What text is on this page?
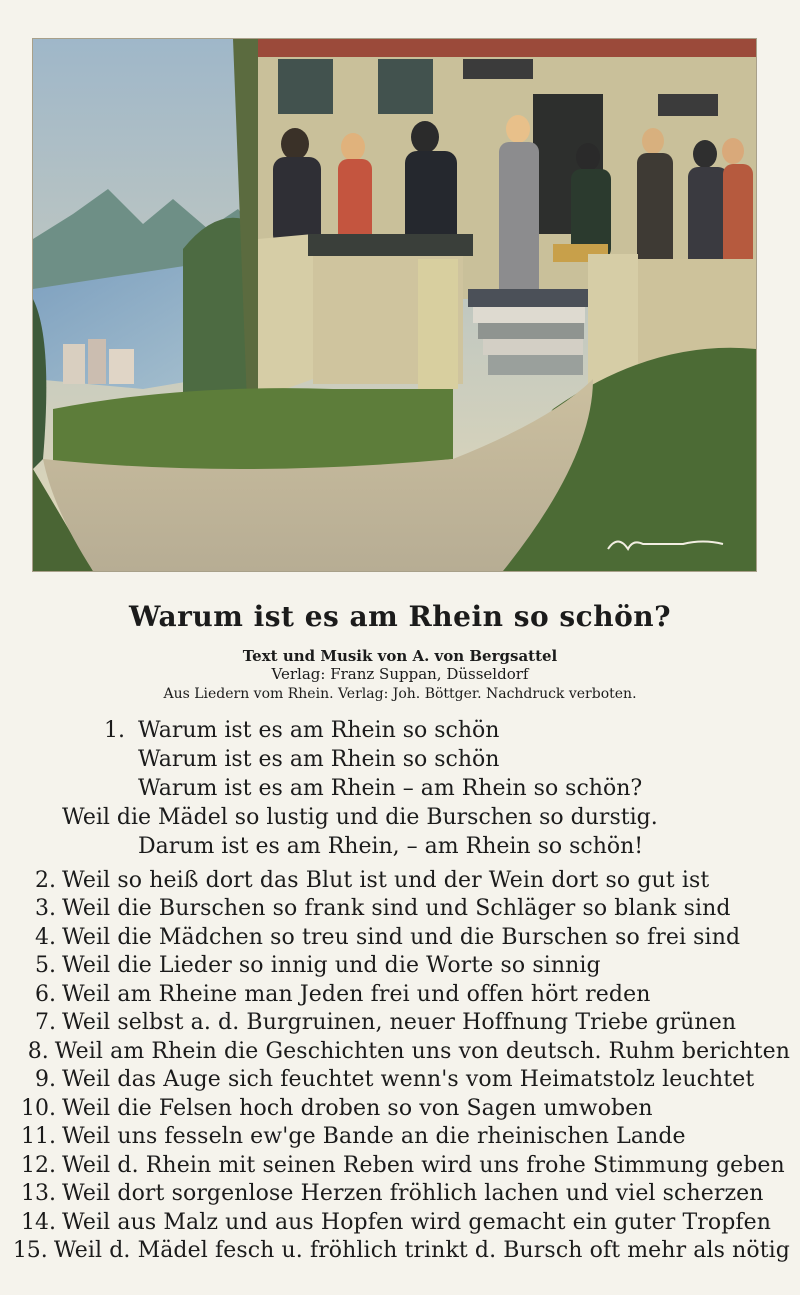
Warum ist es am Rhein so schön?
Text und Musik von A. von Bergsattel
Verlag: Franz Suppan, Düsseldorf
Aus Liedern vom Rhein. Verlag: Joh. Böttger. Nachdruck verboten.
1. Warum ist es am Rhein so schön
Warum ist es am Rhein so schön
Warum ist es am Rhein – am Rhein so schön?
Weil die Mädel so lustig und die Burschen so durstig.
Darum ist es am Rhein, – am Rhein so schön!
2. Weil so heiß dort das Blut ist und der Wein dort so gut ist
3. Weil die Burschen so frank sind und Schläger so blank sind
4. Weil die Mädchen so treu sind und die Burschen so frei sind
5. Weil die Lieder so innig und die Worte so sinnig
6. Weil am Rheine man Jeden frei und offen hört reden
7. Weil selbst a. d. Burgruinen, neuer Hoffnung Triebe grünen
8. Weil am Rhein die Geschichten uns von deutsch. Ruhm berichten
9. Weil das Auge sich feuchtet wenn's vom Heimatstolz leuchtet
10. Weil die Felsen hoch droben so von Sagen umwoben
11. Weil uns fesseln ew'ge Bande an die rheinischen Lande
12. Weil d. Rhein mit seinen Reben wird uns frohe Stimmung geben
13. Weil dort sorgenlose Herzen fröhlich lachen und viel scherzen
14. Weil aus Malz und aus Hopfen wird gemacht ein guter Tropfen
15. Weil d. Mädel fesch u. fröhlich trinkt d. Bursch oft mehr als nötig
